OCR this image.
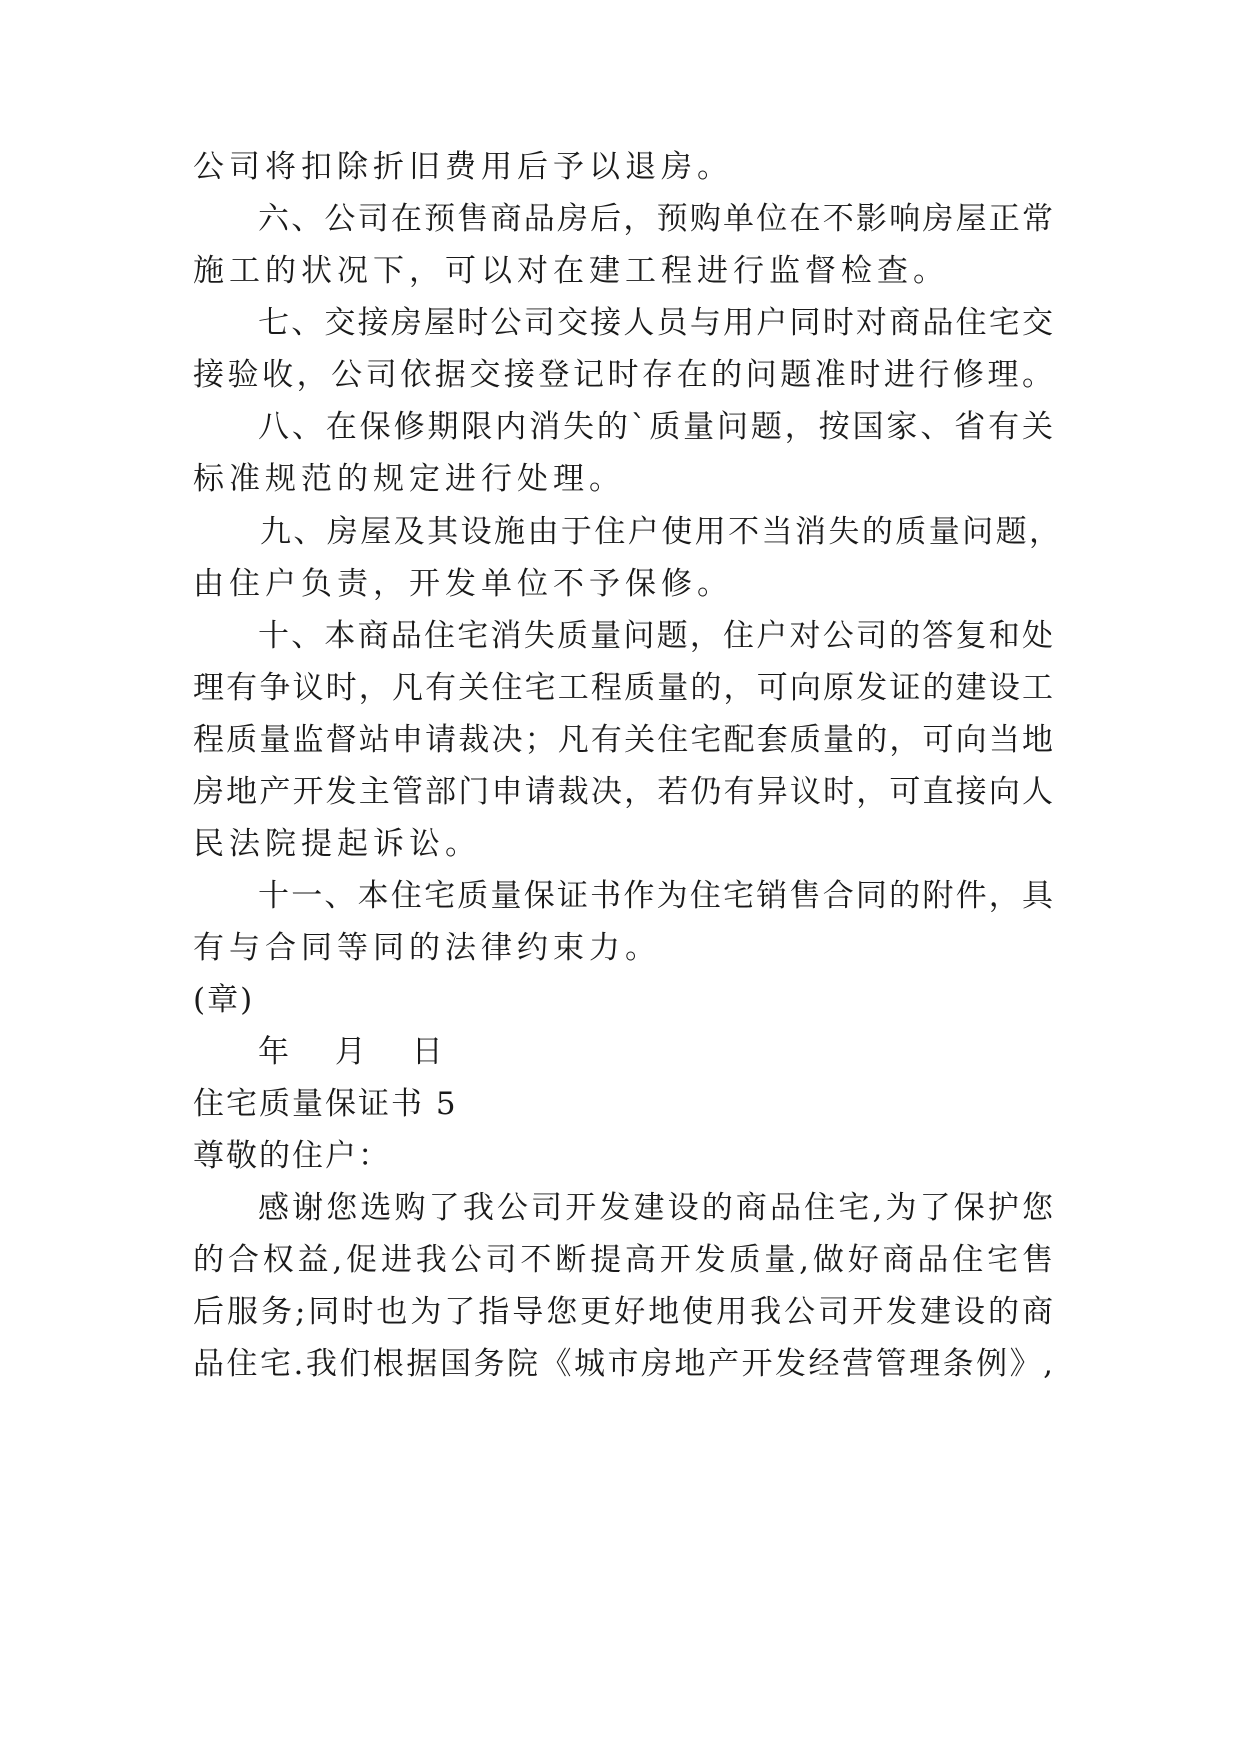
公司将扣除折旧费用后予以退房。
六、公司在预售商品房后，预购单位在不影响房屋正常
施工的状况下，可以对在建工程进行监督检查。
七、交接房屋时公司交接人员与用户同时对商品住宅交
接验收，公司依据交接登记时存在的问题准时进行修理。
八、在保修期限内消失的`质量问题，按国家、省有关
标准规范的规定进行处理。
九、房屋及其设施由于住户使用不当消失的质量问题，
由住户负责，开发单位不予保修。
十、本商品住宅消失质量问题，住户对公司的答复和处
理有争议时，凡有关住宅工程质量的，可向原发证的建设工
程质量监督站申请裁决；凡有关住宅配套质量的，可向当地
房地产开发主管部门申请裁决，若仍有异议时，可直接向人
民法院提起诉讼。
十一、本住宅质量保证书作为住宅销售合同的附件，具
有与合同等同的法律约束力。
(章)
年 月 日
住宅质量保证书 5
尊敬的住户：
感谢您选购了我公司开发建设的商品住宅,为了保护您
的合权益,促进我公司不断提高开发质量,做好商品住宅售
后服务;同时也为了指导您更好地使用我公司开发建设的商
品住宅.我们根据国务院《城市房地产开发经营管理条例》,
